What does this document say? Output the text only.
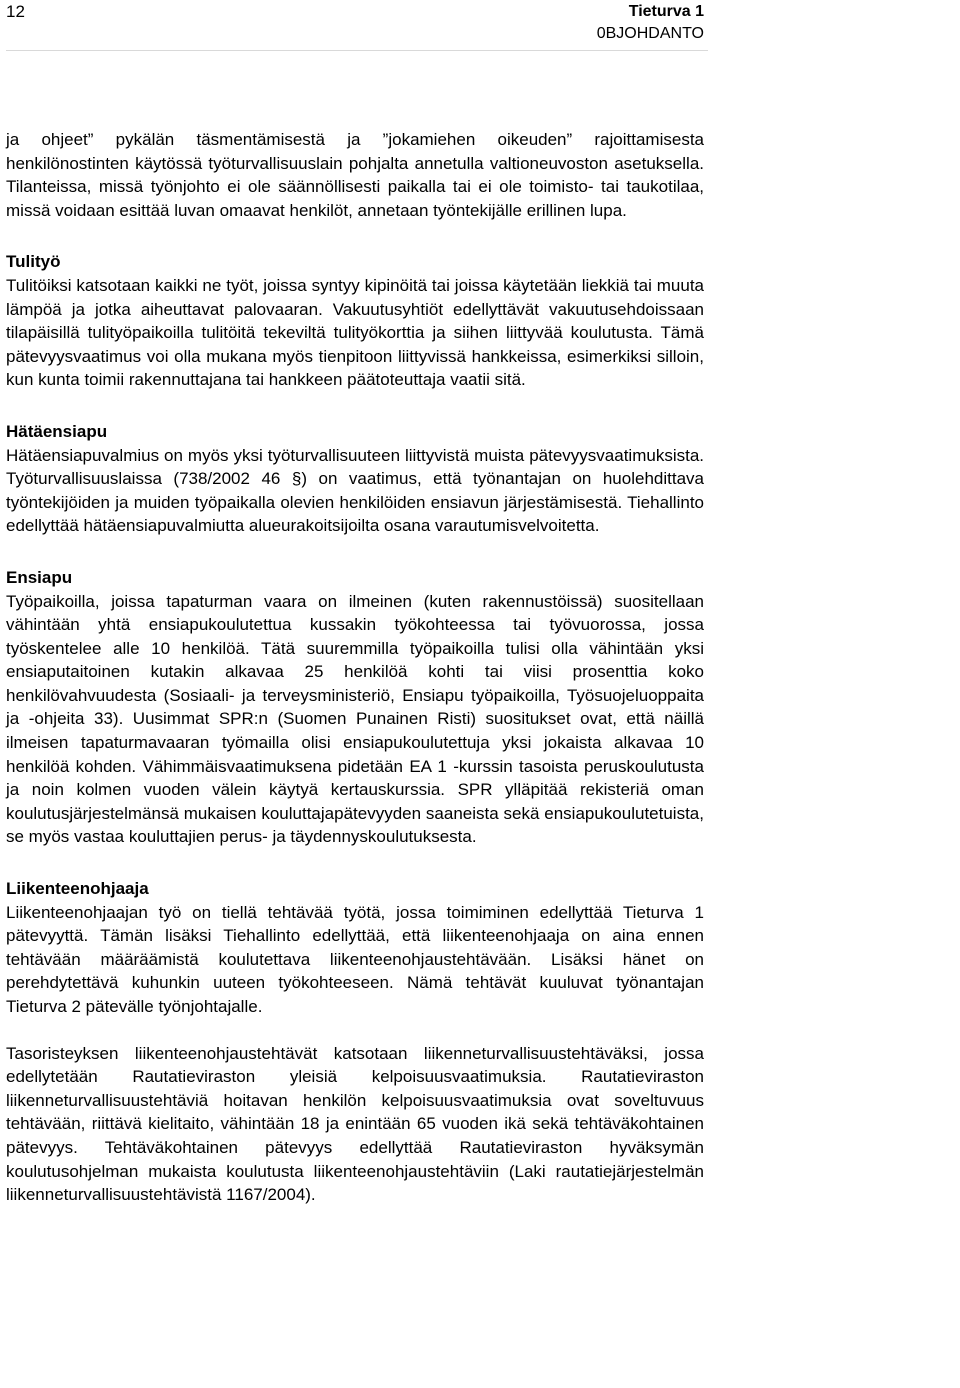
12	Tieturva 1
0BJOHDANTO

ja ohjeet” pykälän täsmentämisestä ja ”jokamiehen oikeuden” rajoittamisesta henkilönostinten käytössä työturvallisuuslain pohjalta annetulla valtioneuvoston asetuksella. Tilanteissa, missä työnjohto ei ole säännöllisesti paikalla tai ei ole toimisto- tai taukotilaa, missä voidaan esittää luvan omaavat henkilöt, annetaan työntekijälle erillinen lupa.

Tulityö

Tulitöiksi katsotaan kaikki ne työt, joissa syntyy kipinöitä tai joissa käytetään liekkiä tai muuta lämpöä ja jotka aiheuttavat palovaaran. Vakuutusyhtiöt edellyttävät vakuutusehdoissaan tilapäisillä tulityöpaikoilla tulitöitä tekeviltä tulityökorttia ja siihen liittyvää koulutusta. Tämä pätevyysvaatimus voi olla mukana myös tienpitoon liittyvissä hankkeissa, esimerkiksi silloin, kun kunta toimii rakennuttajana tai hankkeen päätoteuttaja vaatii sitä.

Hätäensiapu

Hätäensiapuvalmius on myös yksi työturvallisuuteen liittyvistä muista pätevyysvaatimuksista. Työturvallisuuslaissa (738/2002 46 §) on vaatimus, että työnantajan on huolehdittava työntekijöiden ja muiden työpaikalla olevien henkilöiden ensiavun järjestämisestä. Tiehallinto edellyttää hätäensiapuvalmiutta alueurakoitsijoilta osana varautumisvelvoitetta.

Ensiapu

Työpaikoilla, joissa tapaturman vaara on ilmeinen (kuten rakennustöissä) suositellaan vähintään yhtä ensiapukoulutettua kussakin työkohteessa tai työvuorossa, jossa työskentelee alle 10 henkilöä. Tätä suuremmilla työpaikoilla tulisi olla vähintään yksi ensiaputaitoinen kutakin alkavaa 25 henkilöä kohti tai viisi prosenttia koko henkilövahvuudesta (Sosiaali- ja terveysministeriö, Ensiapu työpaikoilla, Työsuojeluoppaita ja -ohjeita 33). Uusimmat SPR:n (Suomen Punainen Risti) suositukset ovat, että näillä ilmeisen tapaturmavaaran työmailla olisi ensiapukoulutettuja yksi jokaista alkavaa 10 henkilöä kohden. Vähimmäisvaatimuksena pidetään EA 1 -kurssin tasoista peruskoulutusta ja noin kolmen vuoden välein käytyä kertauskurssia. SPR ylläpitää rekisteriä oman koulutusjärjestelmänsä mukaisen kouluttajapätevyyden saaneista sekä ensiapukoulutetuista, se myös vastaa kouluttajien perus- ja täydennyskoulutuksesta.

Liikenteenohjaaja

Liikenteenohjaajan työ on tiellä tehtävää työtä, jossa toimiminen edellyttää Tieturva 1 pätevyyttä. Tämän lisäksi Tiehallinto edellyttää, että liikenteenohjaaja on aina ennen tehtävään määräämistä koulutettava liikenteenohjaustehtävään. Lisäksi hänet on perehdytettävä kuhunkin uuteen työkohteeseen. Nämä tehtävät kuuluvat työnantajan Tieturva 2 pätevälle työnjohtajalle.

Tasoristeyksen liikenteenohjaustehtävät katsotaan liikenneturvallisuustehtäväksi, jossa edellytetään Rautatieviraston yleisiä kelpoisuusvaatimuksia. Rautatieviraston liikenneturvallisuustehtäviä hoitavan henkilön kelpoisuusvaatimuksia ovat soveltuvuus tehtävään, riittävä kielitaito, vähintään 18 ja enintään 65 vuoden ikä sekä tehtäväkohtainen pätevyys. Tehtäväkohtainen pätevyys edellyttää Rautatieviraston hyväksymän koulutusohjelman mukaista koulutusta liikenteenohjaustehtäviin (Laki rautatiejärjestelmän liikenneturvallisuustehtävistä 1167/2004).
